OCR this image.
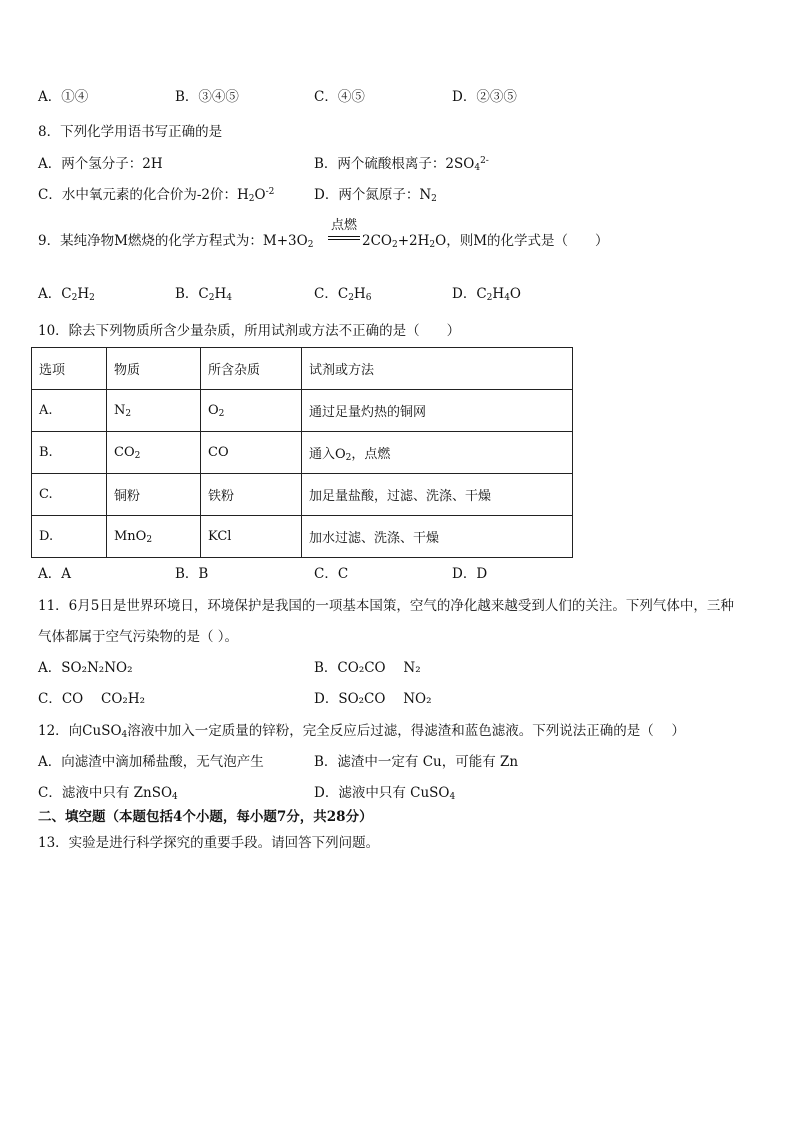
A．①④	B．③④⑤	C．④⑤	D．②③⑤
8．下列化学用语书写正确的是
A．两个氢分子：2H	B．两个硫酸根离子：$2SO_4^{2-}$
C．水中氧元素的化合价为-2价：$H_2O^{-2}$	D．两个氮原子：$N_2$
9．某纯净物M燃烧的化学方程式为：$M+3O_2$
点燃
$2CO_2+2H_2O$，则M的化学式是（　　）
A．$C_2H_2$	B．$C_2H_4$	C．$C_2H_6$	D．$C_2H_4O$
10．除去下列物质所含少量杂质，所用试剂或方法不正确的是（　　）
选项	物质	所含杂质	试剂或方法
A.	$N_2$	$O_2$	通过足量灼热的铜网
B.	$CO_2$	CO	通入$O_2$，点燃
C.	铜粉	铁粉	加足量盐酸，过滤、洗涤、干燥
D.	MnO$_2$	KCl	加水过滤、洗涤、干燥
A．A	B．B	C．C	D．D
11．6月5日是世界环境日，环境保护是我国的一项基本国策，空气的净化越来越受到人们的关注。下列气体中，三种
气体都属于空气污染物的是（ ）。
A．SO₂N₂NO₂	B．CO₂CO　 N₂
C．CO　 CO₂H₂	D．SO₂CO　 NO₂
12．向CuSO$_4$溶液中加入一定质量的锌粉，完全反应后过滤，得滤渣和蓝色滤液。下列说法正确的是（　 ）
A．向滤渣中滴加稀盐酸，无气泡产生	B．滤渣中一定有 Cu，可能有 Zn
C．滤液中只有 ZnSO$_4$	D．滤液中只有 CuSO$_4$
二、填空题（本题包括4个小题，每小题7分，共28分）
13．实验是进行科学探究的重要手段。请回答下列问题。
